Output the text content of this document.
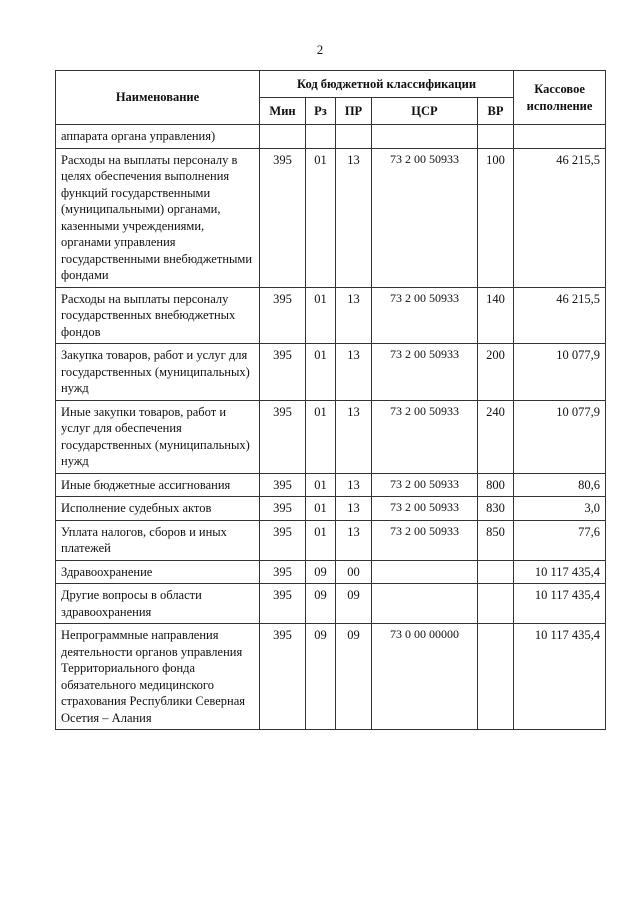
2
Наименование	Код бюджетной классификации					Кассовое исполнение
	Мин	Рз	ПР	ЦСР	ВР	
аппарата органа управления)						
Расходы на выплаты персоналу в целях обеспечения выполнения функций государственными (муниципальными) органами, казенными учреждениями, органами управления государственными внебюджетными фондами	395	01	13	73 2 00 50933	100	46 215,5
Расходы на выплаты персоналу государственных внебюджетных фондов	395	01	13	73 2 00 50933	140	46 215,5
Закупка товаров, работ и услуг для государственных (муниципальных) нужд	395	01	13	73 2 00 50933	200	10 077,9
Иные закупки товаров, работ и услуг для обеспечения государственных (муниципальных) нужд	395	01	13	73 2 00 50933	240	10 077,9
Иные бюджетные ассигнования	395	01	13	73 2 00 50933	800	80,6
Исполнение судебных актов	395	01	13	73 2 00 50933	830	3,0
Уплата налогов, сборов и иных платежей	395	01	13	73 2 00 50933	850	77,6
Здравоохранение	395	09	00			10 117 435,4
Другие вопросы в области здравоохранения	395	09	09			10 117 435,4
Непрограммные направления деятельности органов управления Территориального фонда обязательного медицинского страхования Республики Северная Осетия – Алания	395	09	09	73 0 00 00000		10 117 435,4
